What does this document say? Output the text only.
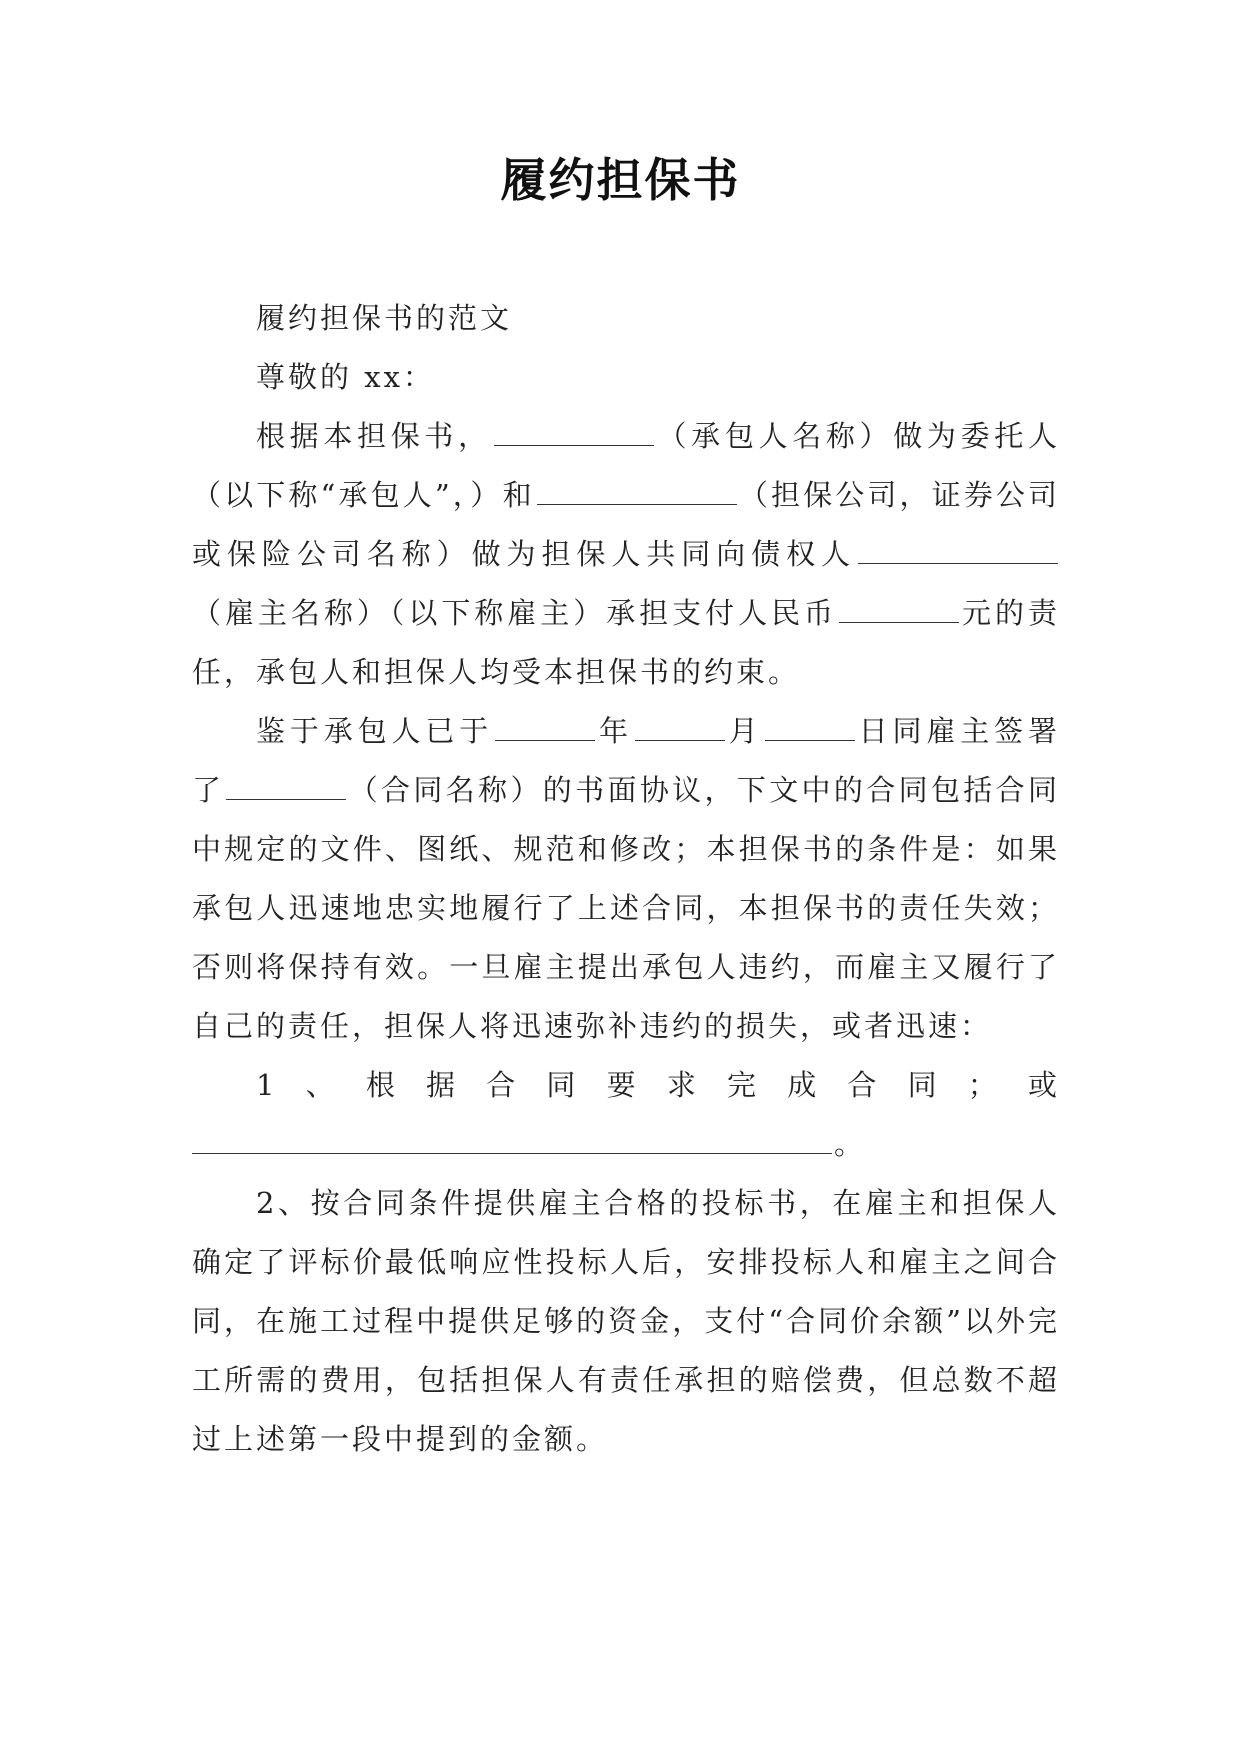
履约担保书

履约担保书的范文

尊敬的 xx：

根据本担保书，	（承包人名称）做为委托人（以下称“承包人”，）和	（担保公司，证券公司或保险公司名称）做为担保人共同向债权人（雇主名称）（以下称雇主）承担支付人民币	元的责任，承包人和担保人均受本担保书的约束。

鉴于承包人已于	年	月	日同雇主签署了	（合同名称）的书面协议，下文中的合同包括合同中规定的文件、图纸、规范和修改；本担保书的条件是：如果承包人迅速地忠实地履行了上述合同，本担保书的责任失效；否则将保持有效。一旦雇主提出承包人违约，而雇主又履行了自己的责任，担保人将迅速弥补违约的损失，或者迅速：

1、根据合同要求完成合同；或

。

2、按合同条件提供雇主合格的投标书，在雇主和担保人确定了评标价最低响应性投标人后，安排投标人和雇主之间合同，在施工过程中提供足够的资金，支付“合同价余额”以外完工所需的费用，包括担保人有责任承担的赔偿费，但总数不超过上述第一段中提到的金额。
